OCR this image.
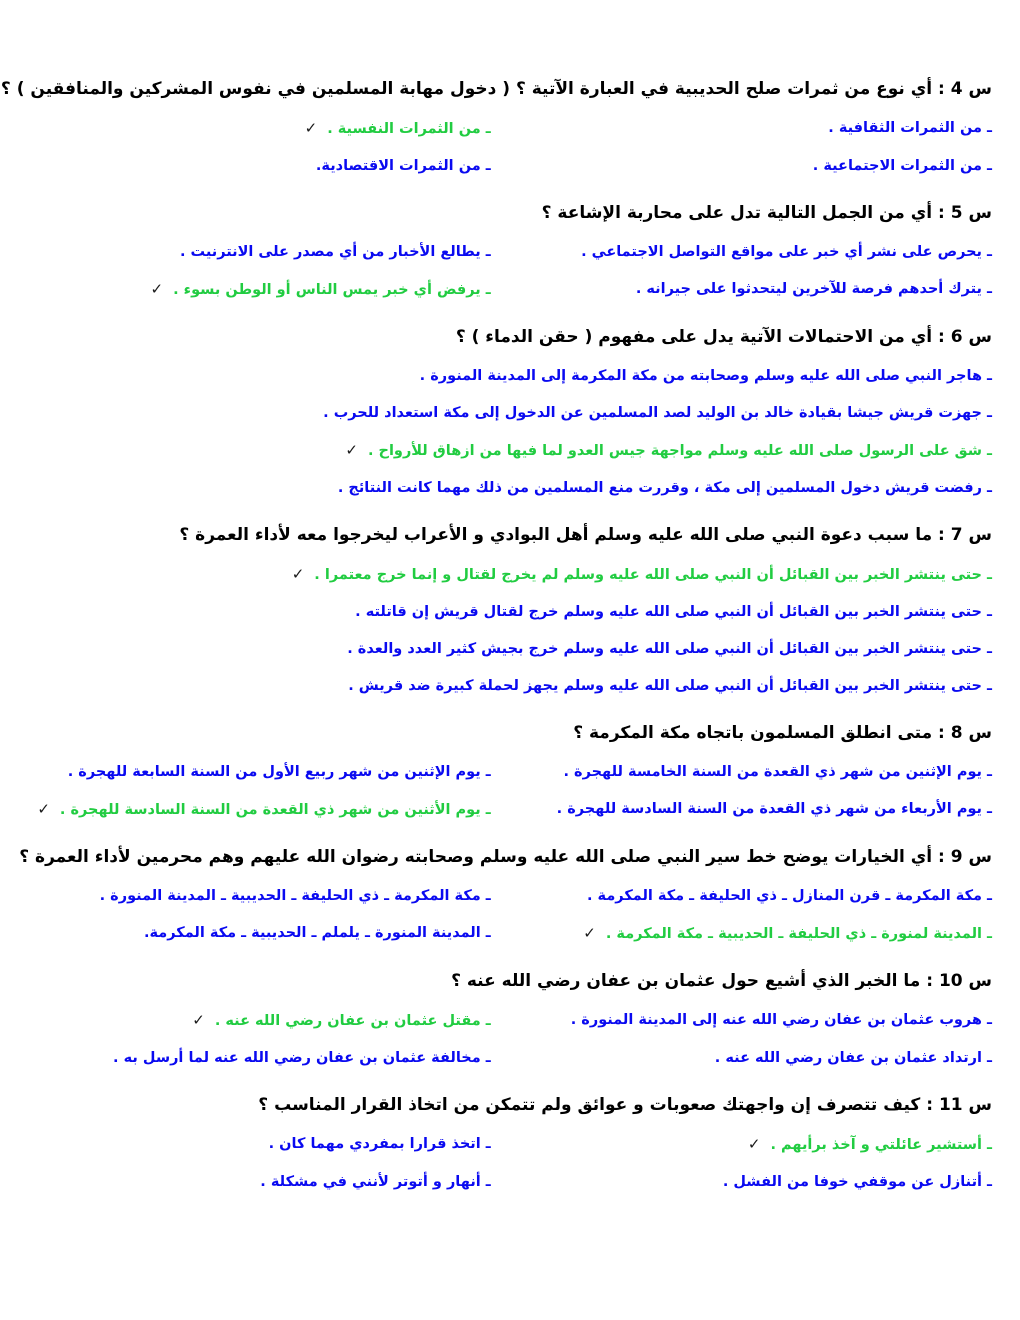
س 4 : أي نوع من ثمرات صلح الحديبية في العبارة الآتية ؟ ( دخول مهابة المسلمين في نفوس المشركين والمنافقين ) ؟
ـ من الثمرات الثقافية .
ـ من الثمرات النفسية .✓
ـ من الثمرات الاجتماعية .
ـ من الثمرات الاقتصادية.
س 5 : أي من الجمل التالية تدل على محاربة الإشاعة ؟
ـ يحرص على نشر أي خبر على مواقع التواصل الاجتماعي .
ـ يطالع الأخبار من أي مصدر على الانترنيت .
ـ يترك أحدهم فرصة للآخرين ليتحدثوا على جيرانه .
ـ يرفض أي خبر يمس الناس أو الوطن بسوء .✓
س 6 : أي من الاحتمالات الآتية يدل على مفهوم ( حقن الدماء ) ؟
ـ هاجر النبي صلى الله عليه وسلم وصحابته من مكة المكرمة إلى المدينة المنورة .
ـ جهزت قريش جيشا بقيادة خالد بن الوليد لصد المسلمين عن الدخول إلى مكة استعداد للحرب .
ـ شق على الرسول صلى الله عليه وسلم مواجهة جيس العدو لما فيها من ازهاق للأرواح .✓
ـ رفضت قريش دخول المسلمين إلى مكة ، وقررت منع المسلمين من ذلك مهما كانت النتائج .
س 7 : ما سبب دعوة النبي صلى الله عليه وسلم أهل البوادي و الأعراب ليخرجوا معه لأداء العمرة ؟
ـ حتى ينتشر الخبر بين القبائل أن النبي صلى الله عليه وسلم لم يخرج لقتال و إنما خرج معتمرا .✓
ـ حتى ينتشر الخبر بين القبائل أن النبي صلى الله عليه وسلم خرج لقتال قريش إن قاتلته .
ـ حتى ينتشر الخبر بين القبائل أن النبي صلى الله عليه وسلم خرج بجيش كثير العدد والعدة .
ـ حتى ينتشر الخبر بين القبائل أن النبي صلى الله عليه وسلم يجهز لحملة كبيرة ضد قريش .
س 8 : متى انطلق المسلمون باتجاه مكة المكرمة ؟
ـ يوم الإثنين من شهر ذي القعدة من السنة الخامسة للهجرة .
ـ يوم الإثنين من شهر ربيع الأول من السنة السابعة للهجرة .
ـ يوم الأربعاء من شهر ذي القعدة من السنة السادسة للهجرة .
ـ يوم الأثنين من شهر ذي القعدة من السنة السادسة للهجرة .✓
س 9 : أي الخيارات يوضح خط سير النبي صلى الله عليه وسلم وصحابته رضوان الله عليهم وهم محرمين لأداء العمرة ؟
ـ مكة المكرمة ـ قرن المنازل ـ ذي الحليفة ـ مكة المكرمة .
ـ مكة المكرمة ـ ذي الحليفة ـ الحديبية ـ المدينة المنورة .
ـ المدينة لمنورة ـ ذي الحليفة ـ الحديبية ـ مكة المكرمة .✓
ـ المدينة المنورة ـ يلملم ـ الحديبية ـ مكة المكرمة.
س 10 : ما الخبر الذي أشيع حول عثمان بن عفان رضي الله عنه ؟
ـ هروب عثمان بن عفان رضي الله عنه إلى المدينة المنورة .
ـ مقتل عثمان بن عفان رضي الله عنه .✓
ـ ارتداد عثمان بن عفان رضي الله عنه .
ـ مخالفة عثمان بن عفان رضي الله عنه لما أرسل به .
س 11 : كيف تتصرف إن واجهتك صعوبات و عوائق ولم تتمكن من اتخاذ القرار المناسب ؟
ـ أستشير عائلتي و آخذ برأيهم .✓
ـ اتخذ قرارا بمفردي مهما كان .
ـ أتنازل عن موقفي خوفا من الفشل .
ـ أنهار و أتوتر لأنني في مشكلة .
